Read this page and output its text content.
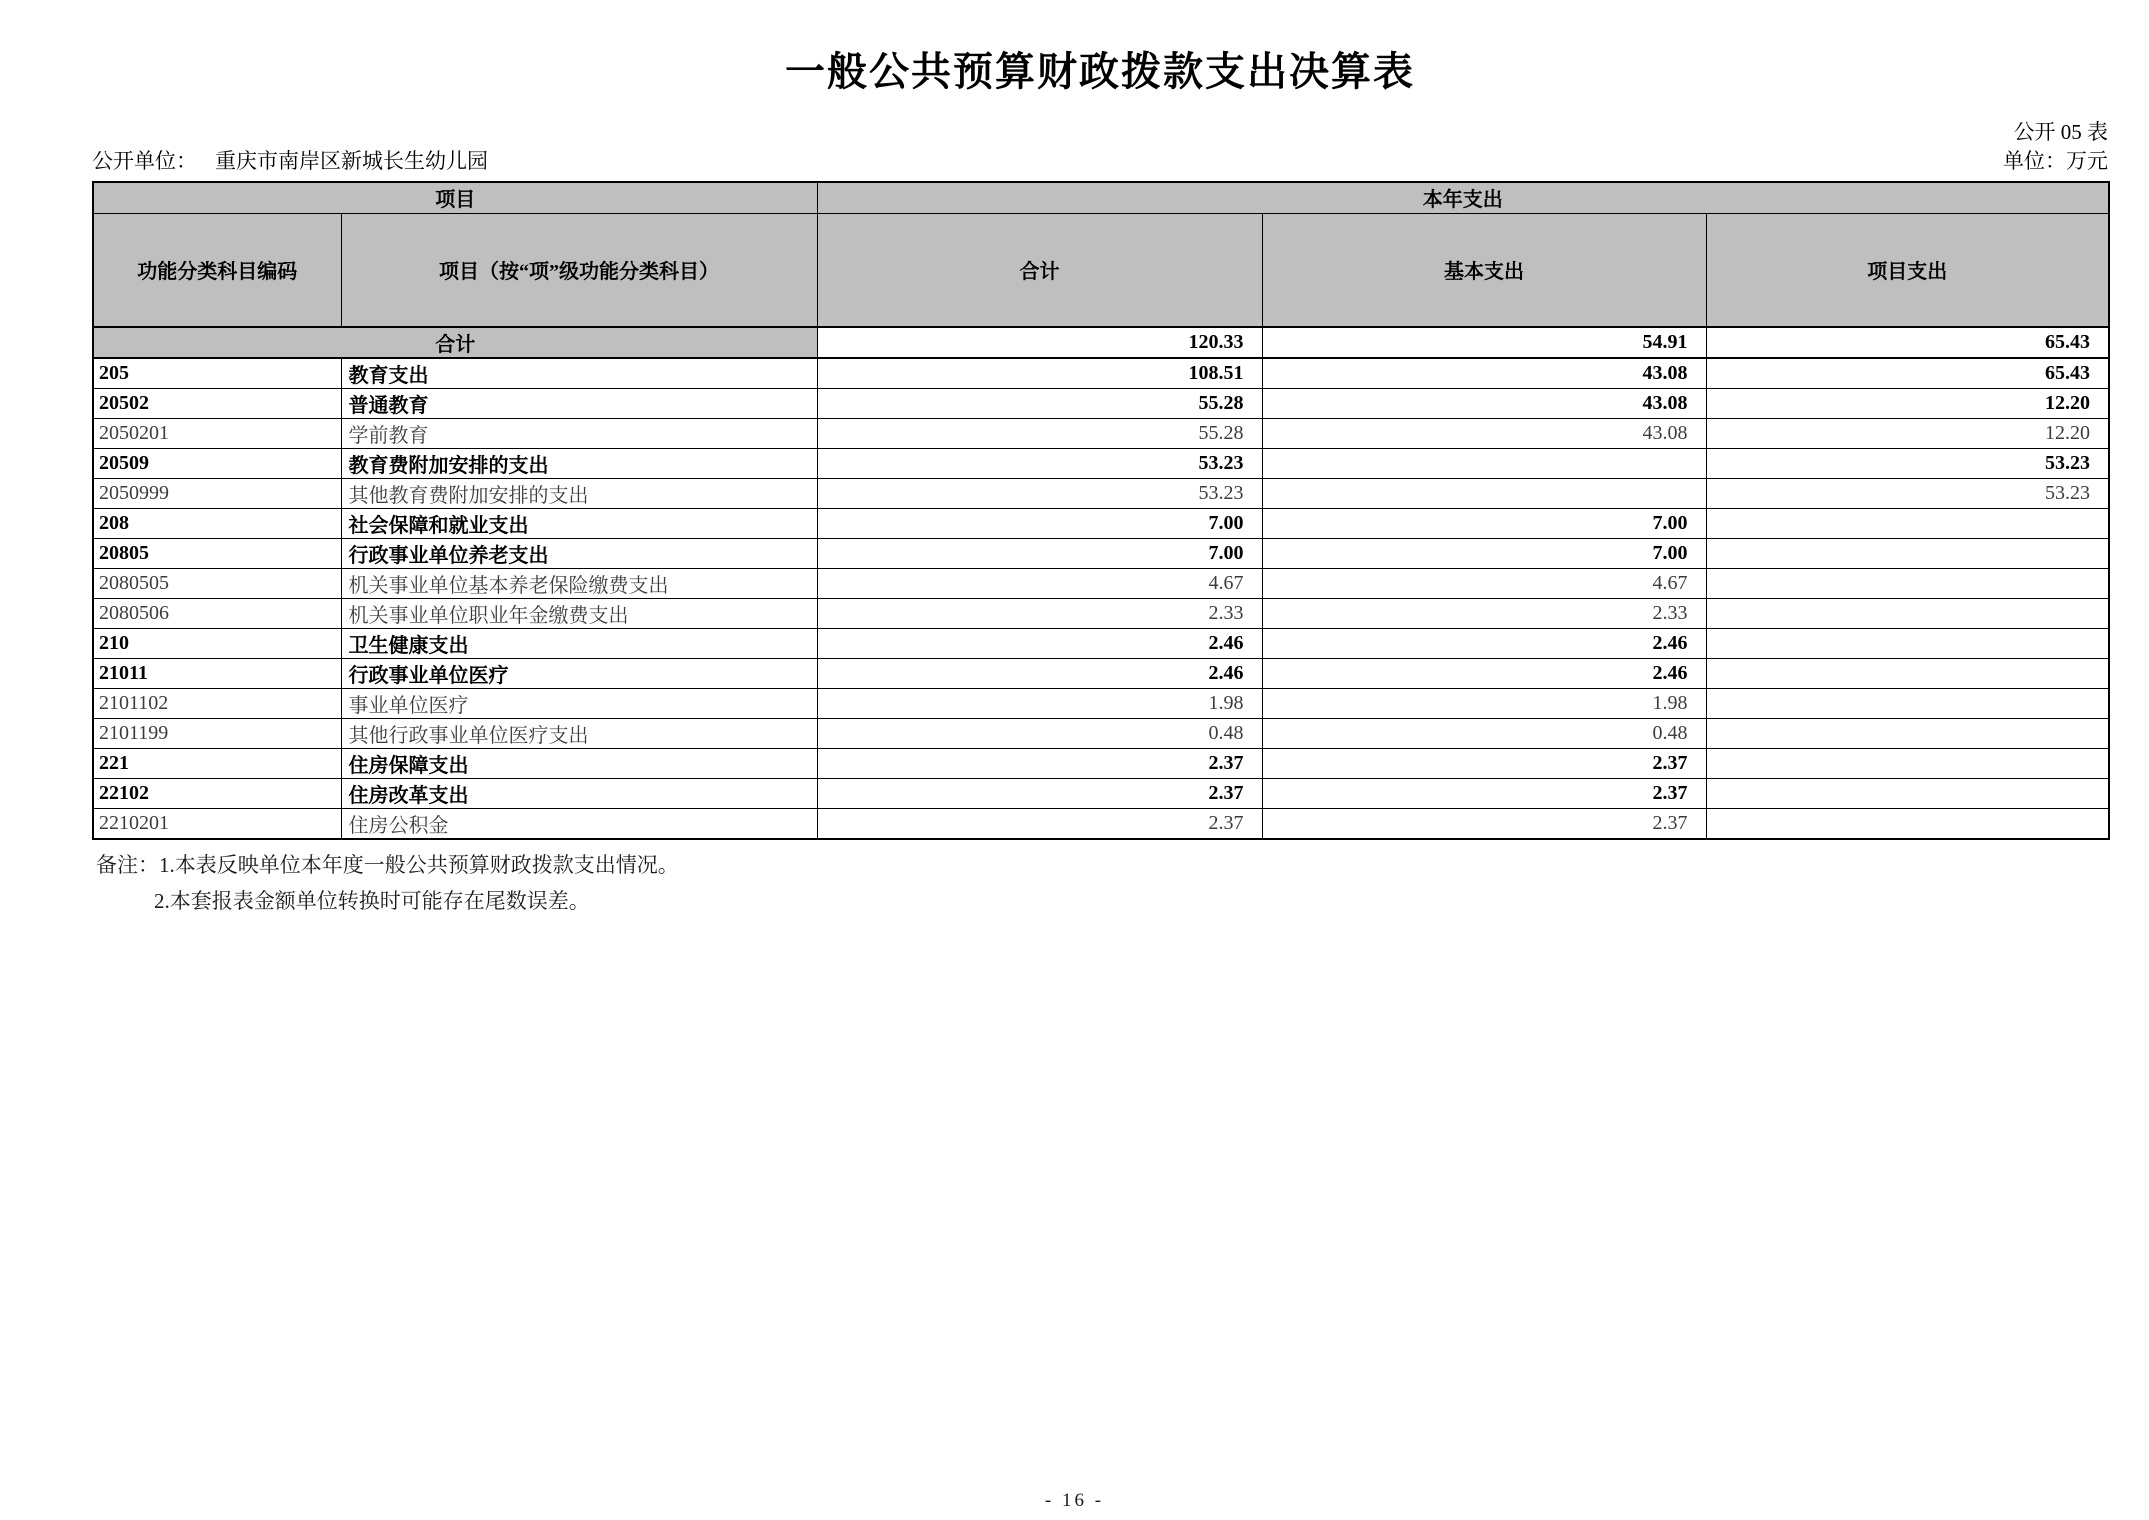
一般公共预算财政拨款支出决算表
公开 05 表
公开单位： 重庆市南岸区新城长生幼儿园	单位：万元
项目		本年支出		
功能分类科目编码	项目（按“项”级功能分类科目）	合计	基本支出	项目支出
合计		120.33	54.91	65.43
205	教育支出	108.51	43.08	65.43
20502	普通教育	55.28	43.08	12.20
2050201	学前教育	55.28	43.08	12.20
20509	教育费附加安排的支出	53.23		53.23
2050999	其他教育费附加安排的支出	53.23		53.23
208	社会保障和就业支出	7.00	7.00	
20805	行政事业单位养老支出	7.00	7.00	
2080505	机关事业单位基本养老保险缴费支出	4.67	4.67	
2080506	机关事业单位职业年金缴费支出	2.33	2.33	
210	卫生健康支出	2.46	2.46	
21011	行政事业单位医疗	2.46	2.46	
2101102	事业单位医疗	1.98	1.98	
2101199	其他行政事业单位医疗支出	0.48	0.48	
221	住房保障支出	2.37	2.37	
22102	住房改革支出	2.37	2.37	
2210201	住房公积金	2.37	2.37	
备注：1.本表反映单位本年度一般公共预算财政拨款支出情况。
2.本套报表金额单位转换时可能存在尾数误差。
- 16 -
